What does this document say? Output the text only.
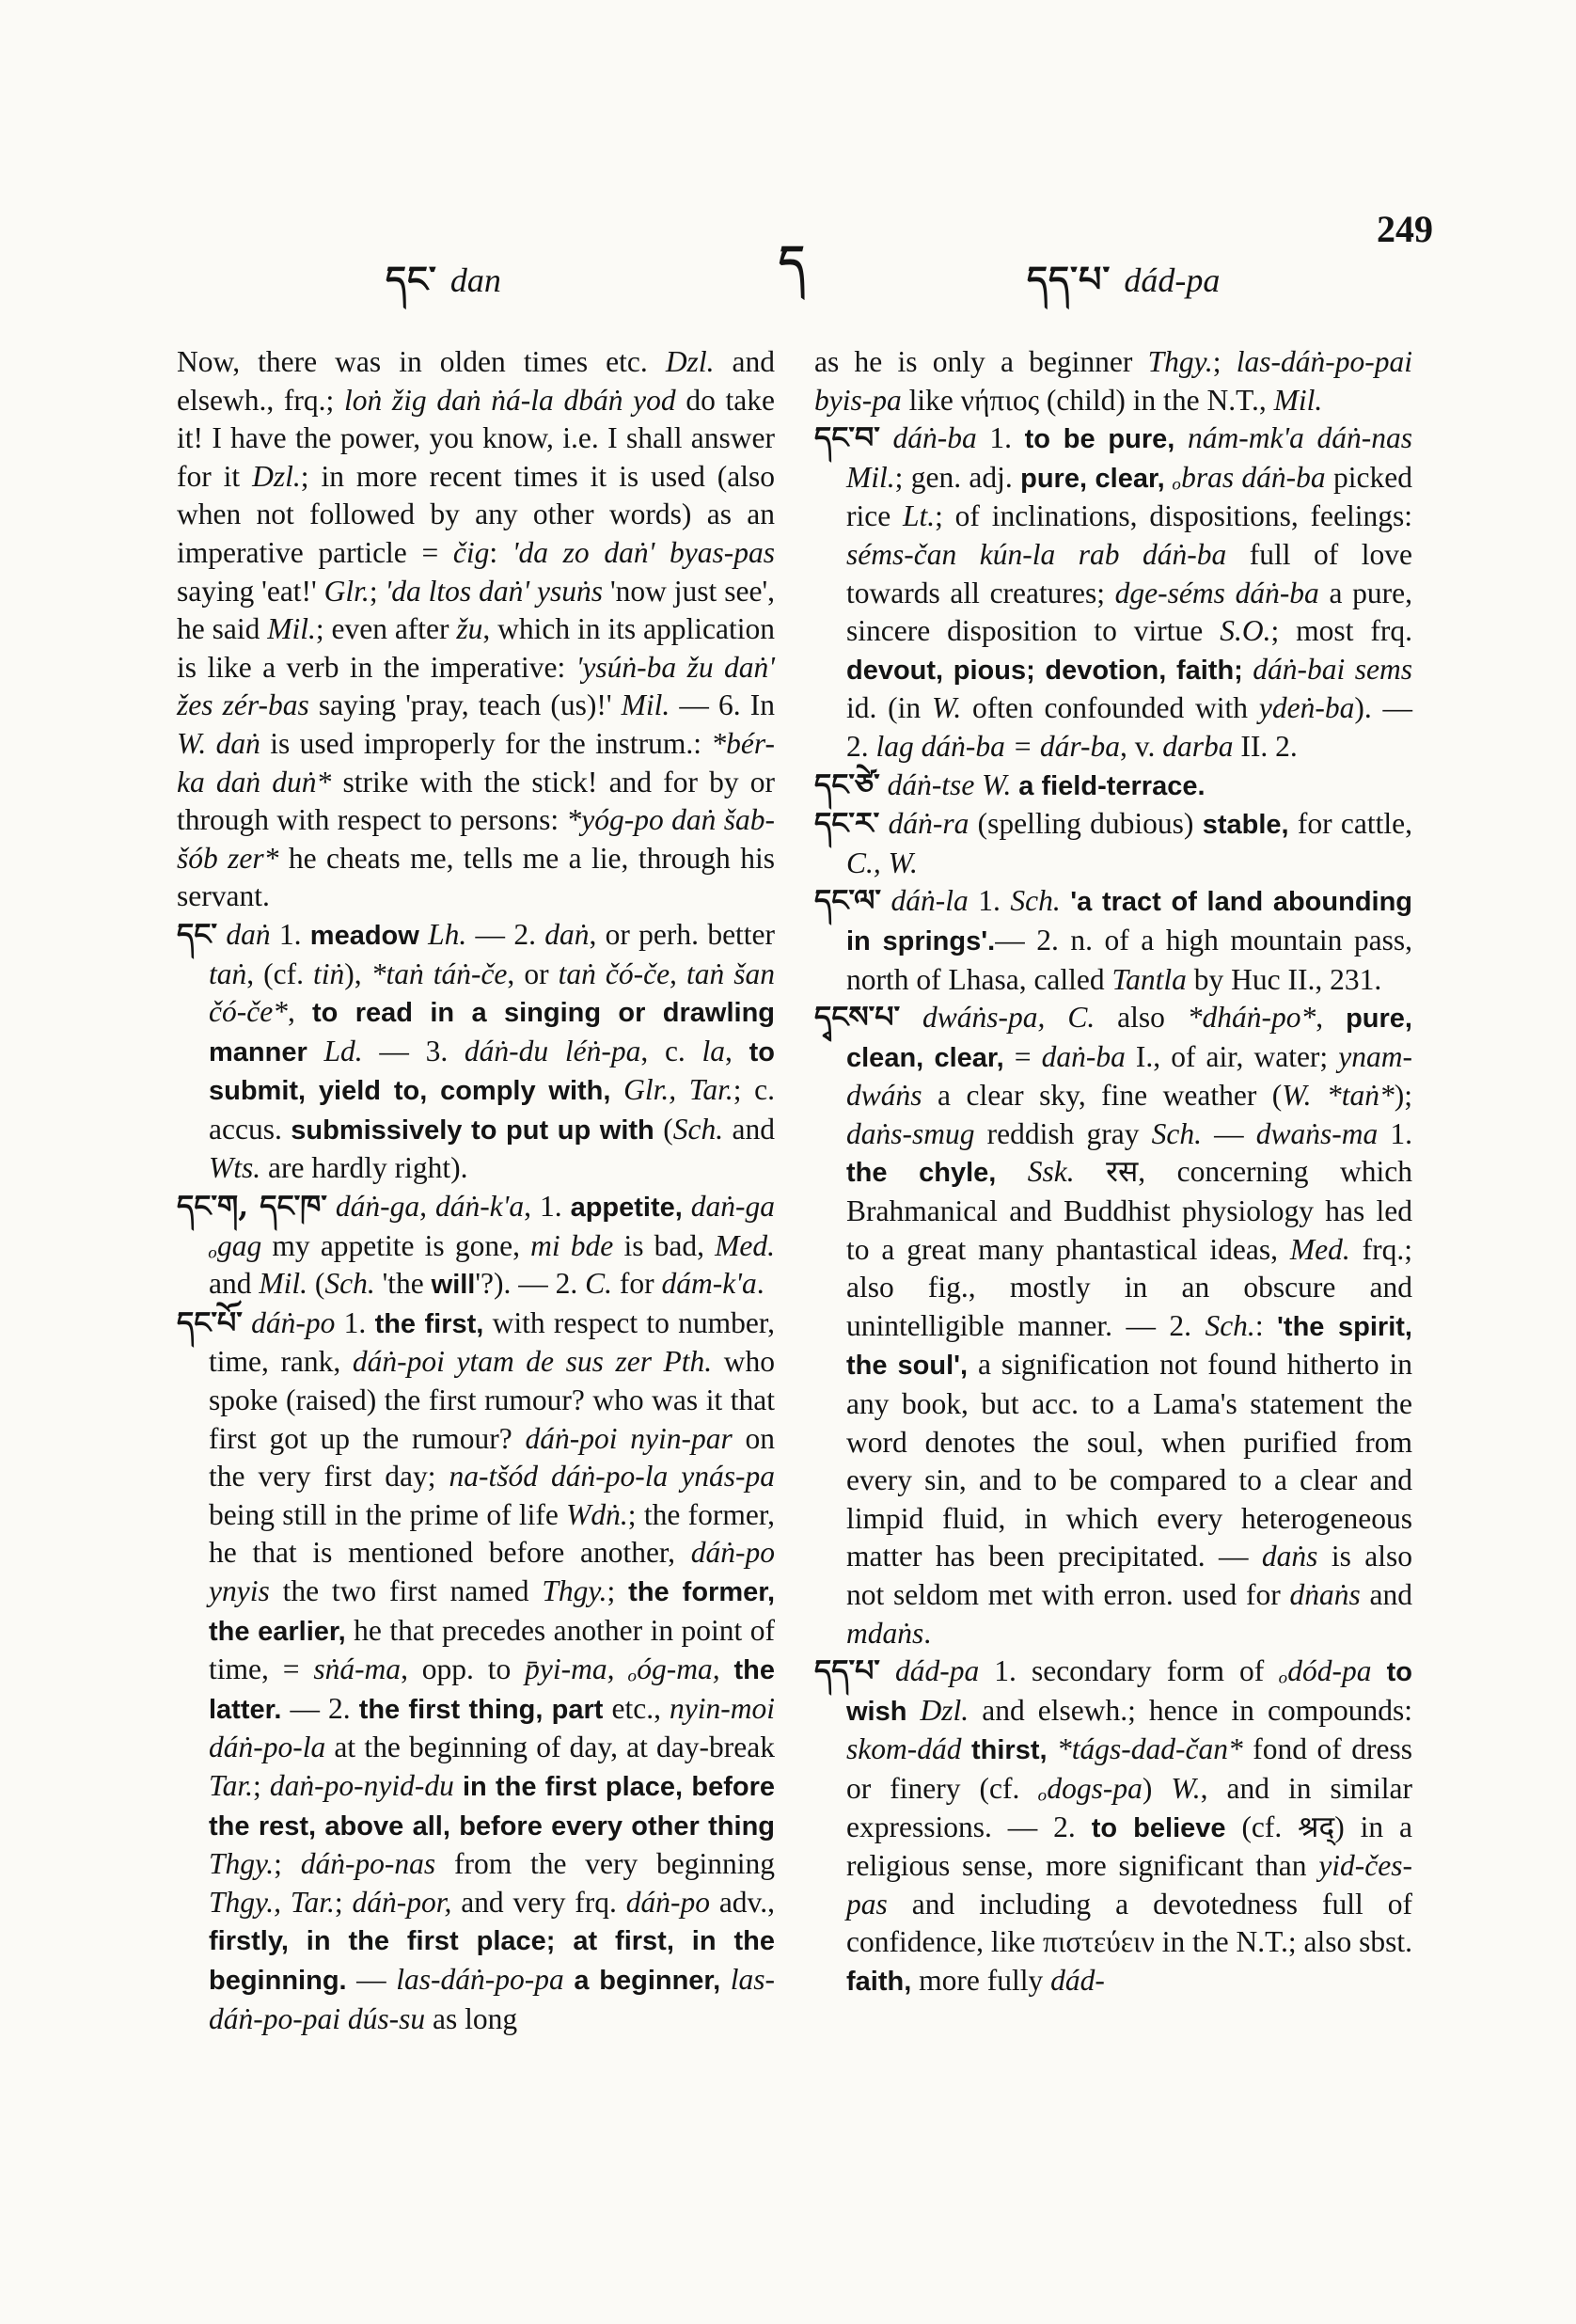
དང་ dan	ད	དད་པ་ dád-pa
249

Now, there was in olden times etc. Dzl. and elsewh., frq.; loṅ žig daṅ ṅá-la dbáṅ yod do take it! I have the power, you know, i.e. I shall answer for it Dzl.; in more recent times it is used (also when not followed by any other words) as an imperative particle = čig: 'da zo daṅ' byas-pas saying 'eat!' Glr.; 'da ltos daṅ' ysuṅs 'now just see', he said Mil.; even after žu, which in its application is like a verb in the imperative: 'ysúṅ-ba žu daṅ' žes zér-bas saying 'pray, teach (us)!' Mil. — 6. In W. daṅ is used improperly for the instrum.: *bér-ka daṅ duṅ* strike with the stick! and for by or through with respect to persons: *yóg-po daṅ šab-šób zer* he cheats me, tells me a lie, through his servant.

དང་ daṅ 1. meadow Lh. — 2. daṅ, or perh. better taṅ, (cf. tiṅ), *taṅ táṅ-če, or taṅ čó-če, taṅ šan čó-če*, to read in a singing or drawling manner Ld. — 3. dáṅ-du léṅ-pa, c. la, to submit, yield to, comply with, Glr., Tar.; c. accus. submissively to put up with (Sch. and Wts. are hardly right).

དང་ག, དང་ཁ་ dáṅ-ga, dáṅ-k'a, 1. appetite, daṅ-ga ₒgag my appetite is gone, mi bde is bad, Med. and Mil. (Sch. 'the will'?). — 2. C. for dám-k'a.

དང་པོ་ dáṅ-po 1. the first, with respect to number, time, rank, dáṅ-poi ytam de sus zer Pth. who spoke (raised) the first rumour? who was it that first got up the rumour? dáṅ-poi nyin-par on the very first day; na-tšód dáṅ-po-la ynás-pa being still in the prime of life Wdṅ.; the former, he that is mentioned before another, dáṅ-po ynyis the two first named Thgy.; the former, the earlier, he that precedes another in point of time, = sṅá-ma, opp. to p̄yi-ma, ₒóg-ma, the latter. — 2. the first thing, part etc., nyin-moi dáṅ-po-la at the beginning of day, at day-break Tar.; daṅ-po-nyid-du in the first place, before the rest, above all, before every other thing Thgy.; dáṅ-po-nas from the very beginning Thgy., Tar.; dáṅ-por, and very frq. dáṅ-po adv., firstly, in the first place; at first, in the beginning. — las-dáṅ-po-pa a beginner, las-dáṅ-po-pai dús-su as long

as he is only a beginner Thgy.; las-dáṅ-po-pai byis-pa like νήπιος (child) in the N.T., Mil.

དང་བ་ dáṅ-ba 1. to be pure, nám-mk'a dáṅ-nas Mil.; gen. adj. pure, clear, ₒbras dáṅ-ba picked rice Lt.; of inclinations, dispositions, feelings: séms-čan kún-la rab dáṅ-ba full of love towards all creatures; dge-séms dáṅ-ba a pure, sincere disposition to virtue S.O.; most frq. devout, pious; devotion, faith; dáṅ-bai sems id. (in W. often confounded with ydeṅ-ba). — 2. lag dáṅ-ba = dár-ba, v. darba II. 2.

དང་ཙེ་ dáṅ-tse W. a field-terrace.

དང་ར་ dáṅ-ra (spelling dubious) stable, for cattle, C., W.

དང་ལ་ dáṅ-la 1. Sch. 'a tract of land abounding in springs'.— 2. n. of a high mountain pass, north of Lhasa, called Tantla by Huc II., 231.

དྭངས་པ་ dwáṅs-pa, C. also *dháṅ-po*, pure, clean, clear, = daṅ-ba I., of air, water; ynam-dwáṅs a clear sky, fine weather (W. *taṅ*); daṅs-smug reddish gray Sch. — dwaṅs-ma 1. the chyle, Ssk. रस, concerning which Brahmanical and Buddhist physiology has led to a great many phantastical ideas, Med. frq.; also fig., mostly in an obscure and unintelligible manner. — 2. Sch.: 'the spirit, the soul', a signification not found hitherto in any book, but acc. to a Lama's statement the word denotes the soul, when purified from every sin, and to be compared to a clear and limpid fluid, in which every heterogeneous matter has been precipitated. — daṅs is also not seldom met with erron. used for dṅaṅs and mdaṅs.

དད་པ་ dád-pa 1. secondary form of ₒdód-pa to wish Dzl. and elsewh.; hence in compounds: skom-dád thirst, *tágs-dad-čan* fond of dress or finery (cf. ₒdogs-pa) W., and in similar expressions. — 2. to believe (cf. श्रद्) in a religious sense, more significant than yid-čes-pas and including a devotedness full of confidence, like πιστεύειν in the N.T.; also sbst. faith, more fully dád-
